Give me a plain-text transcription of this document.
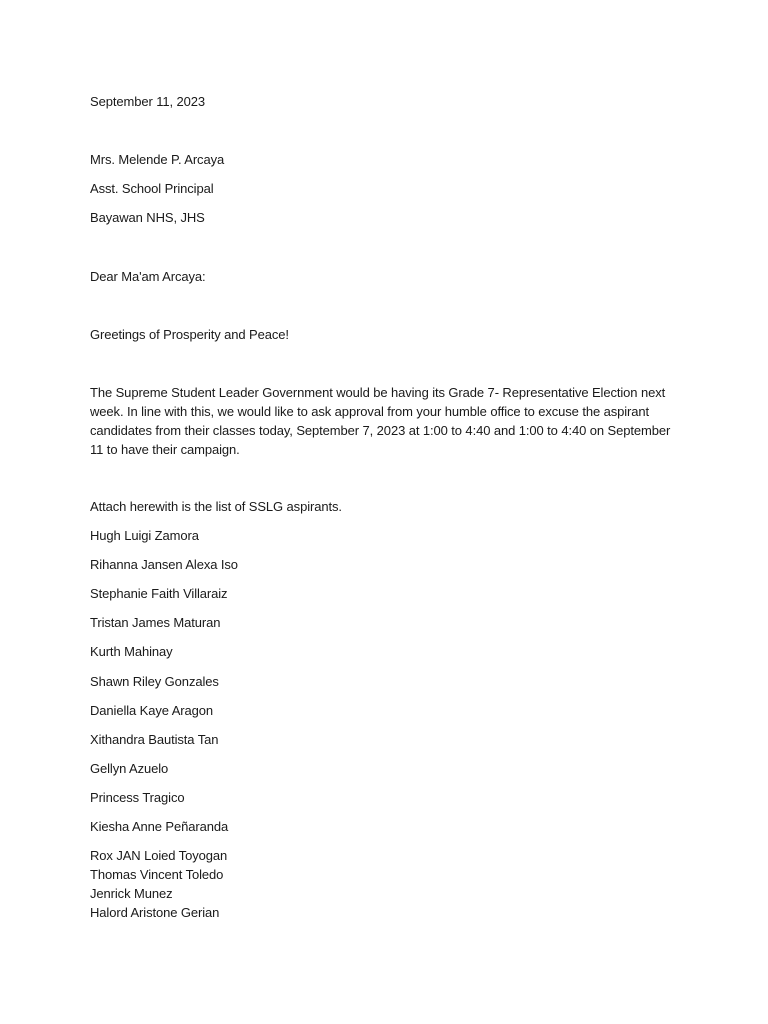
September 11, 2023
Mrs. Melende P. Arcaya
Asst. School Principal
Bayawan NHS, JHS
Dear Ma'am Arcaya:
Greetings of Prosperity and Peace!
The Supreme Student Leader Government would be having its Grade 7- Representative Election next
week. In line with this, we would like to ask approval from your humble office to excuse the aspirant
candidates from their classes today, September 7, 2023 at 1:00 to 4:40 and 1:00 to 4:40 on September
11 to have their campaign.
Attach herewith is the list of SSLG aspirants.
Hugh Luigi Zamora
Rihanna Jansen Alexa Iso
Stephanie Faith Villaraiz
Tristan James Maturan
Kurth Mahinay
Shawn Riley Gonzales
Daniella Kaye Aragon
Xithandra Bautista Tan
Gellyn Azuelo
Princess Tragico
Kiesha Anne Peñaranda
Rox JAN Loied Toyogan
Thomas Vincent Toledo
Jenrick Munez
Halord Aristone Gerian
